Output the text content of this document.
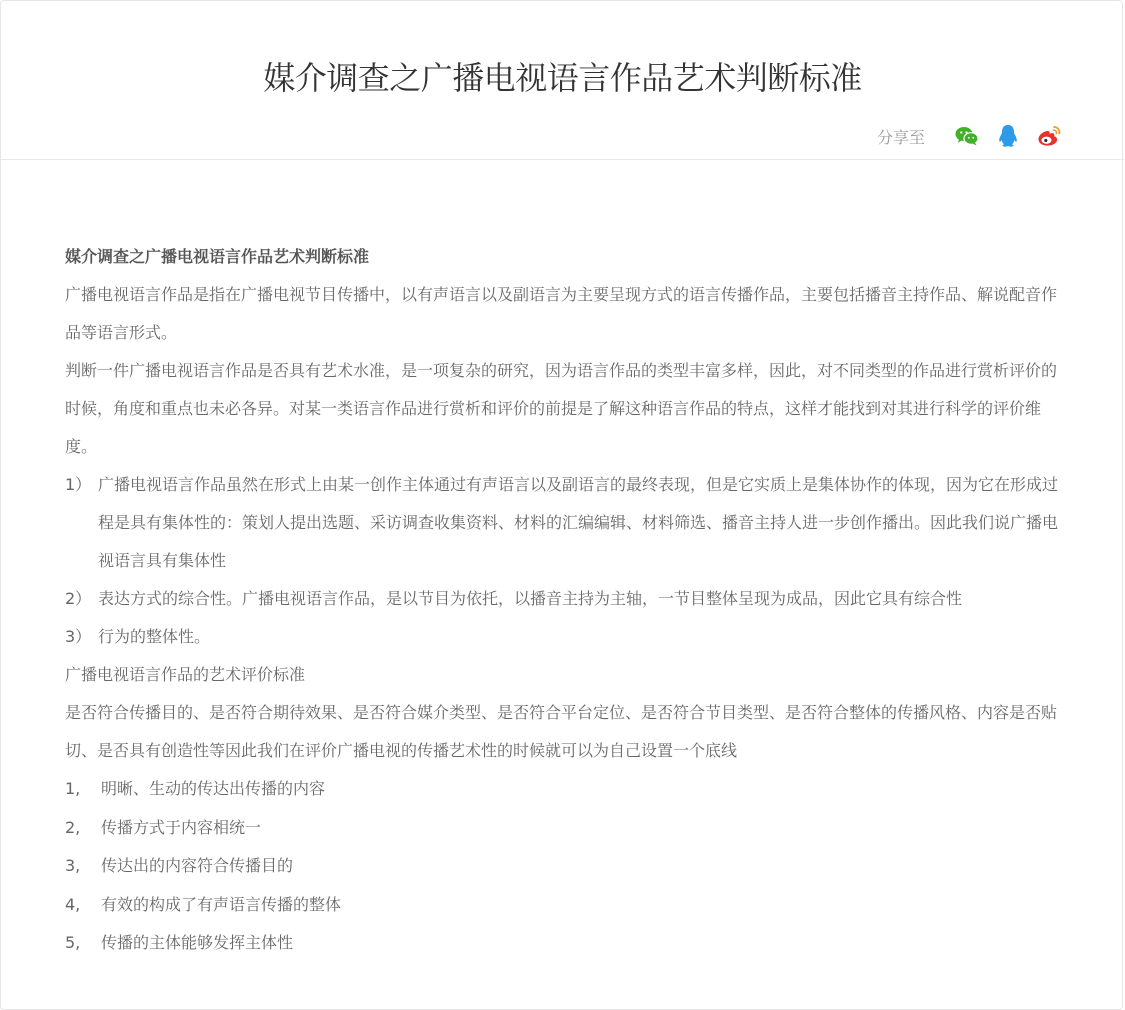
媒介调查之广播电视语言作品艺术判断标准
分享至

媒介调查之广播电视语言作品艺术判断标准

广播电视语言作品是指在广播电视节目传播中，以有声语言以及副语言为主要呈现方式的语言传播作品，主要包括播音主持作品、解说配音作品等语言形式。

判断一件广播电视语言作品是否具有艺术水准，是一项复杂的研究，因为语言作品的类型丰富多样，因此，对不同类型的作品进行赏析评价的时候，角度和重点也未必各异。对某一类语言作品进行赏析和评价的前提是了解这种语言作品的特点，这样才能找到对其进行科学的评价维度。

1） 广播电视语言作品虽然在形式上由某一创作主体通过有声语言以及副语言的最终表现，但是它实质上是集体协作的体现，因为它在形成过程是具有集体性的：策划人提出选题、采访调查收集资料、材料的汇编编辑、材料筛选、播音主持人进一步创作播出。因此我们说广播电视语言具有集体性
2） 表达方式的综合性。广播电视语言作品，是以节目为依托，以播音主持为主轴，一节目整体呈现为成品，因此它具有综合性
3） 行为的整体性。

广播电视语言作品的艺术评价标准

是否符合传播目的、是否符合期待效果、是否符合媒介类型、是否符合平台定位、是否符合节目类型、是否符合整体的传播风格、内容是否贴切、是否具有创造性等因此我们在评价广播电视的传播艺术性的时候就可以为自己设置一个底线

1, 明晰、生动的传达出传播的内容
2, 传播方式于内容相统一
3, 传达出的内容符合传播目的
4, 有效的构成了有声语言传播的整体
5, 传播的主体能够发挥主体性
